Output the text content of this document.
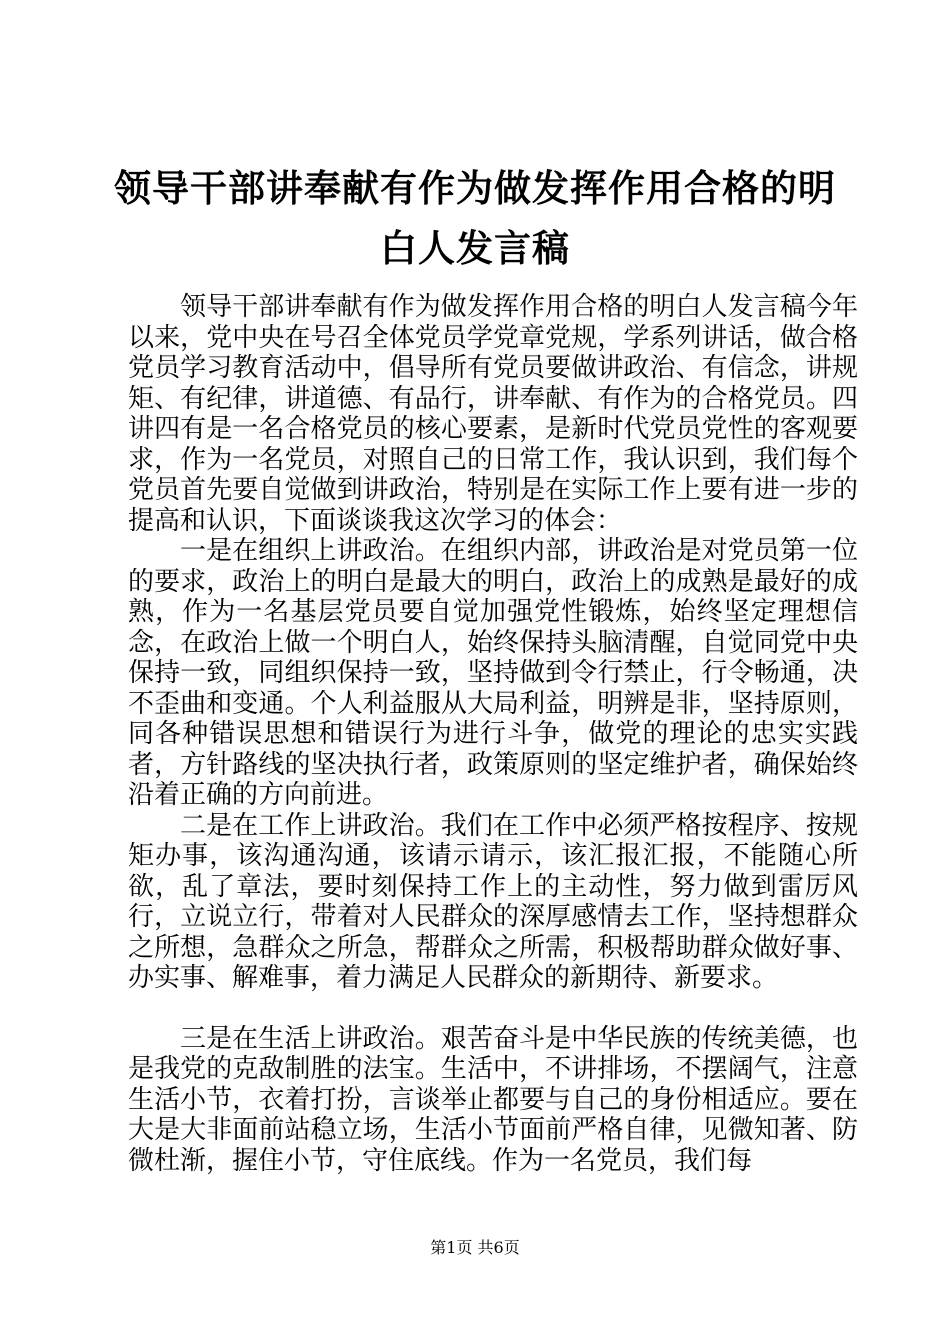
领导干部讲奉献有作为做发挥作用合格的明白人发言稿

领导干部讲奉献有作为做发挥作用合格的明白人发言稿今年以来，党中央在号召全体党员学党章党规，学系列讲话，做合格党员学习教育活动中，倡导所有党员要做讲政治、有信念，讲规矩、有纪律，讲道德、有品行，讲奉献、有作为的合格党员。四讲四有是一名合格党员的核心要素，是新时代党员党性的客观要求，作为一名党员，对照自己的日常工作，我认识到，我们每个党员首先要自觉做到讲政治，特别是在实际工作上要有进一步的提高和认识，下面谈谈我这次学习的体会：

一是在组织上讲政治。在组织内部，讲政治是对党员第一位的要求，政治上的明白是最大的明白，政治上的成熟是最好的成熟，作为一名基层党员要自觉加强党性锻炼，始终坚定理想信念，在政治上做一个明白人，始终保持头脑清醒，自觉同党中央保持一致，同组织保持一致，坚持做到令行禁止，行令畅通，决不歪曲和变通。个人利益服从大局利益，明辨是非，坚持原则，同各种错误思想和错误行为进行斗争，做党的理论的忠实实践者，方针路线的坚决执行者，政策原则的坚定维护者，确保始终沿着正确的方向前进。

二是在工作上讲政治。我们在工作中必须严格按程序、按规矩办事，该沟通沟通，该请示请示，该汇报汇报，不能随心所欲，乱了章法，要时刻保持工作上的主动性，努力做到雷厉风行，立说立行，带着对人民群众的深厚感情去工作，坚持想群众之所想，急群众之所急，帮群众之所需，积极帮助群众做好事、办实事、解难事，着力满足人民群众的新期待、新要求。

三是在生活上讲政治。艰苦奋斗是中华民族的传统美德，也是我党的克敌制胜的法宝。生活中，不讲排场，不摆阔气，注意生活小节，衣着打扮，言谈举止都要与自己的身份相适应。要在大是大非面前站稳立场，生活小节面前严格自律，见微知著、防微杜渐，握住小节，守住底线。作为一名党员，我们每

第1页 共6页
